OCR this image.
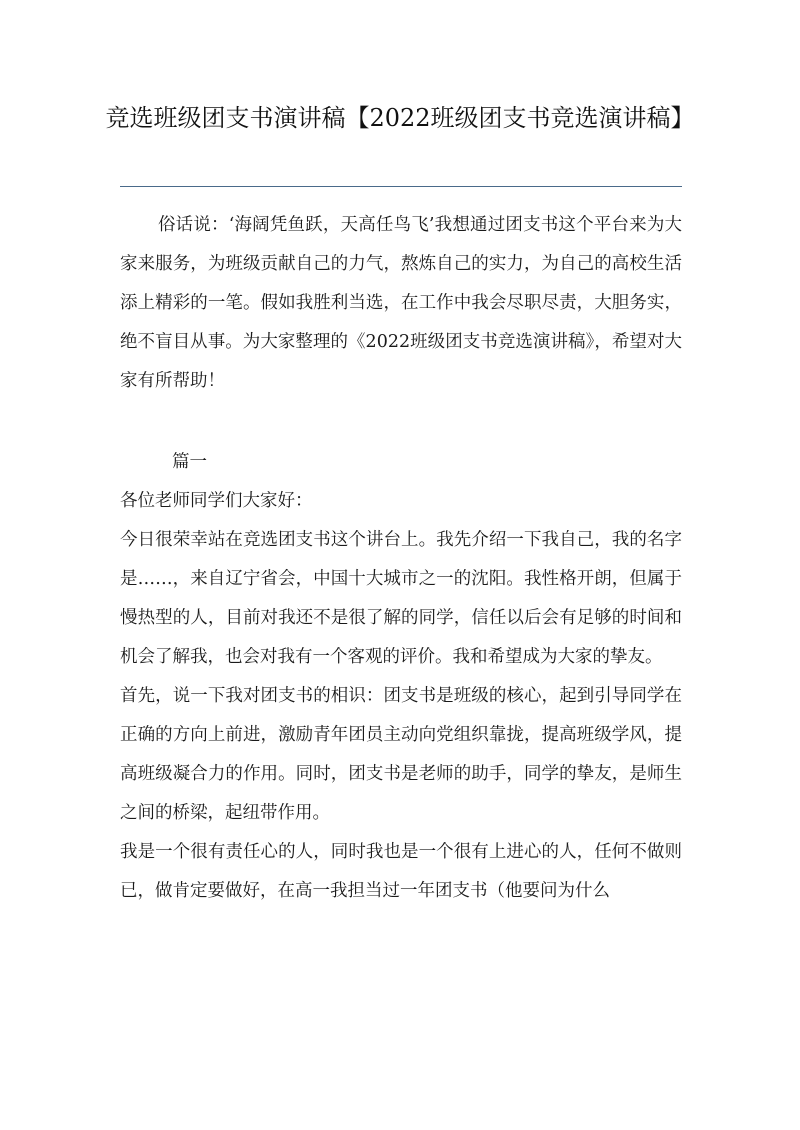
竞选班级团支书演讲稿【2022班级团支书竞选演讲稿】

俗话说：‘海阔凭鱼跃，天高任鸟飞’我想通过团支书这个平台来为大家来服务，为班级贡献自己的力气，熬炼自己的实力，为自己的高校生活添上精彩的一笔。假如我胜利当选，在工作中我会尽职尽责，大胆务实，绝不盲目从事。为大家整理的《2022班级团支书竞选演讲稿》，希望对大家有所帮助！

篇一

各位老师同学们大家好：

今日很荣幸站在竞选团支书这个讲台上。我先介绍一下我自己，我的名字是……，来自辽宁省会，中国十大城市之一的沈阳。我性格开朗，但属于慢热型的人，目前对我还不是很了解的同学，信任以后会有足够的时间和机会了解我，也会对我有一个客观的评价。我和希望成为大家的挚友。

首先，说一下我对团支书的相识：团支书是班级的核心，起到引导同学在正确的方向上前进，激励青年团员主动向党组织靠拢，提高班级学风，提高班级凝合力的作用。同时，团支书是老师的助手，同学的挚友，是师生之间的桥梁，起纽带作用。

我是一个很有责任心的人，同时我也是一个很有上进心的人，任何不做则已，做肯定要做好，在高一我担当过一年团支书（他要问为什么
